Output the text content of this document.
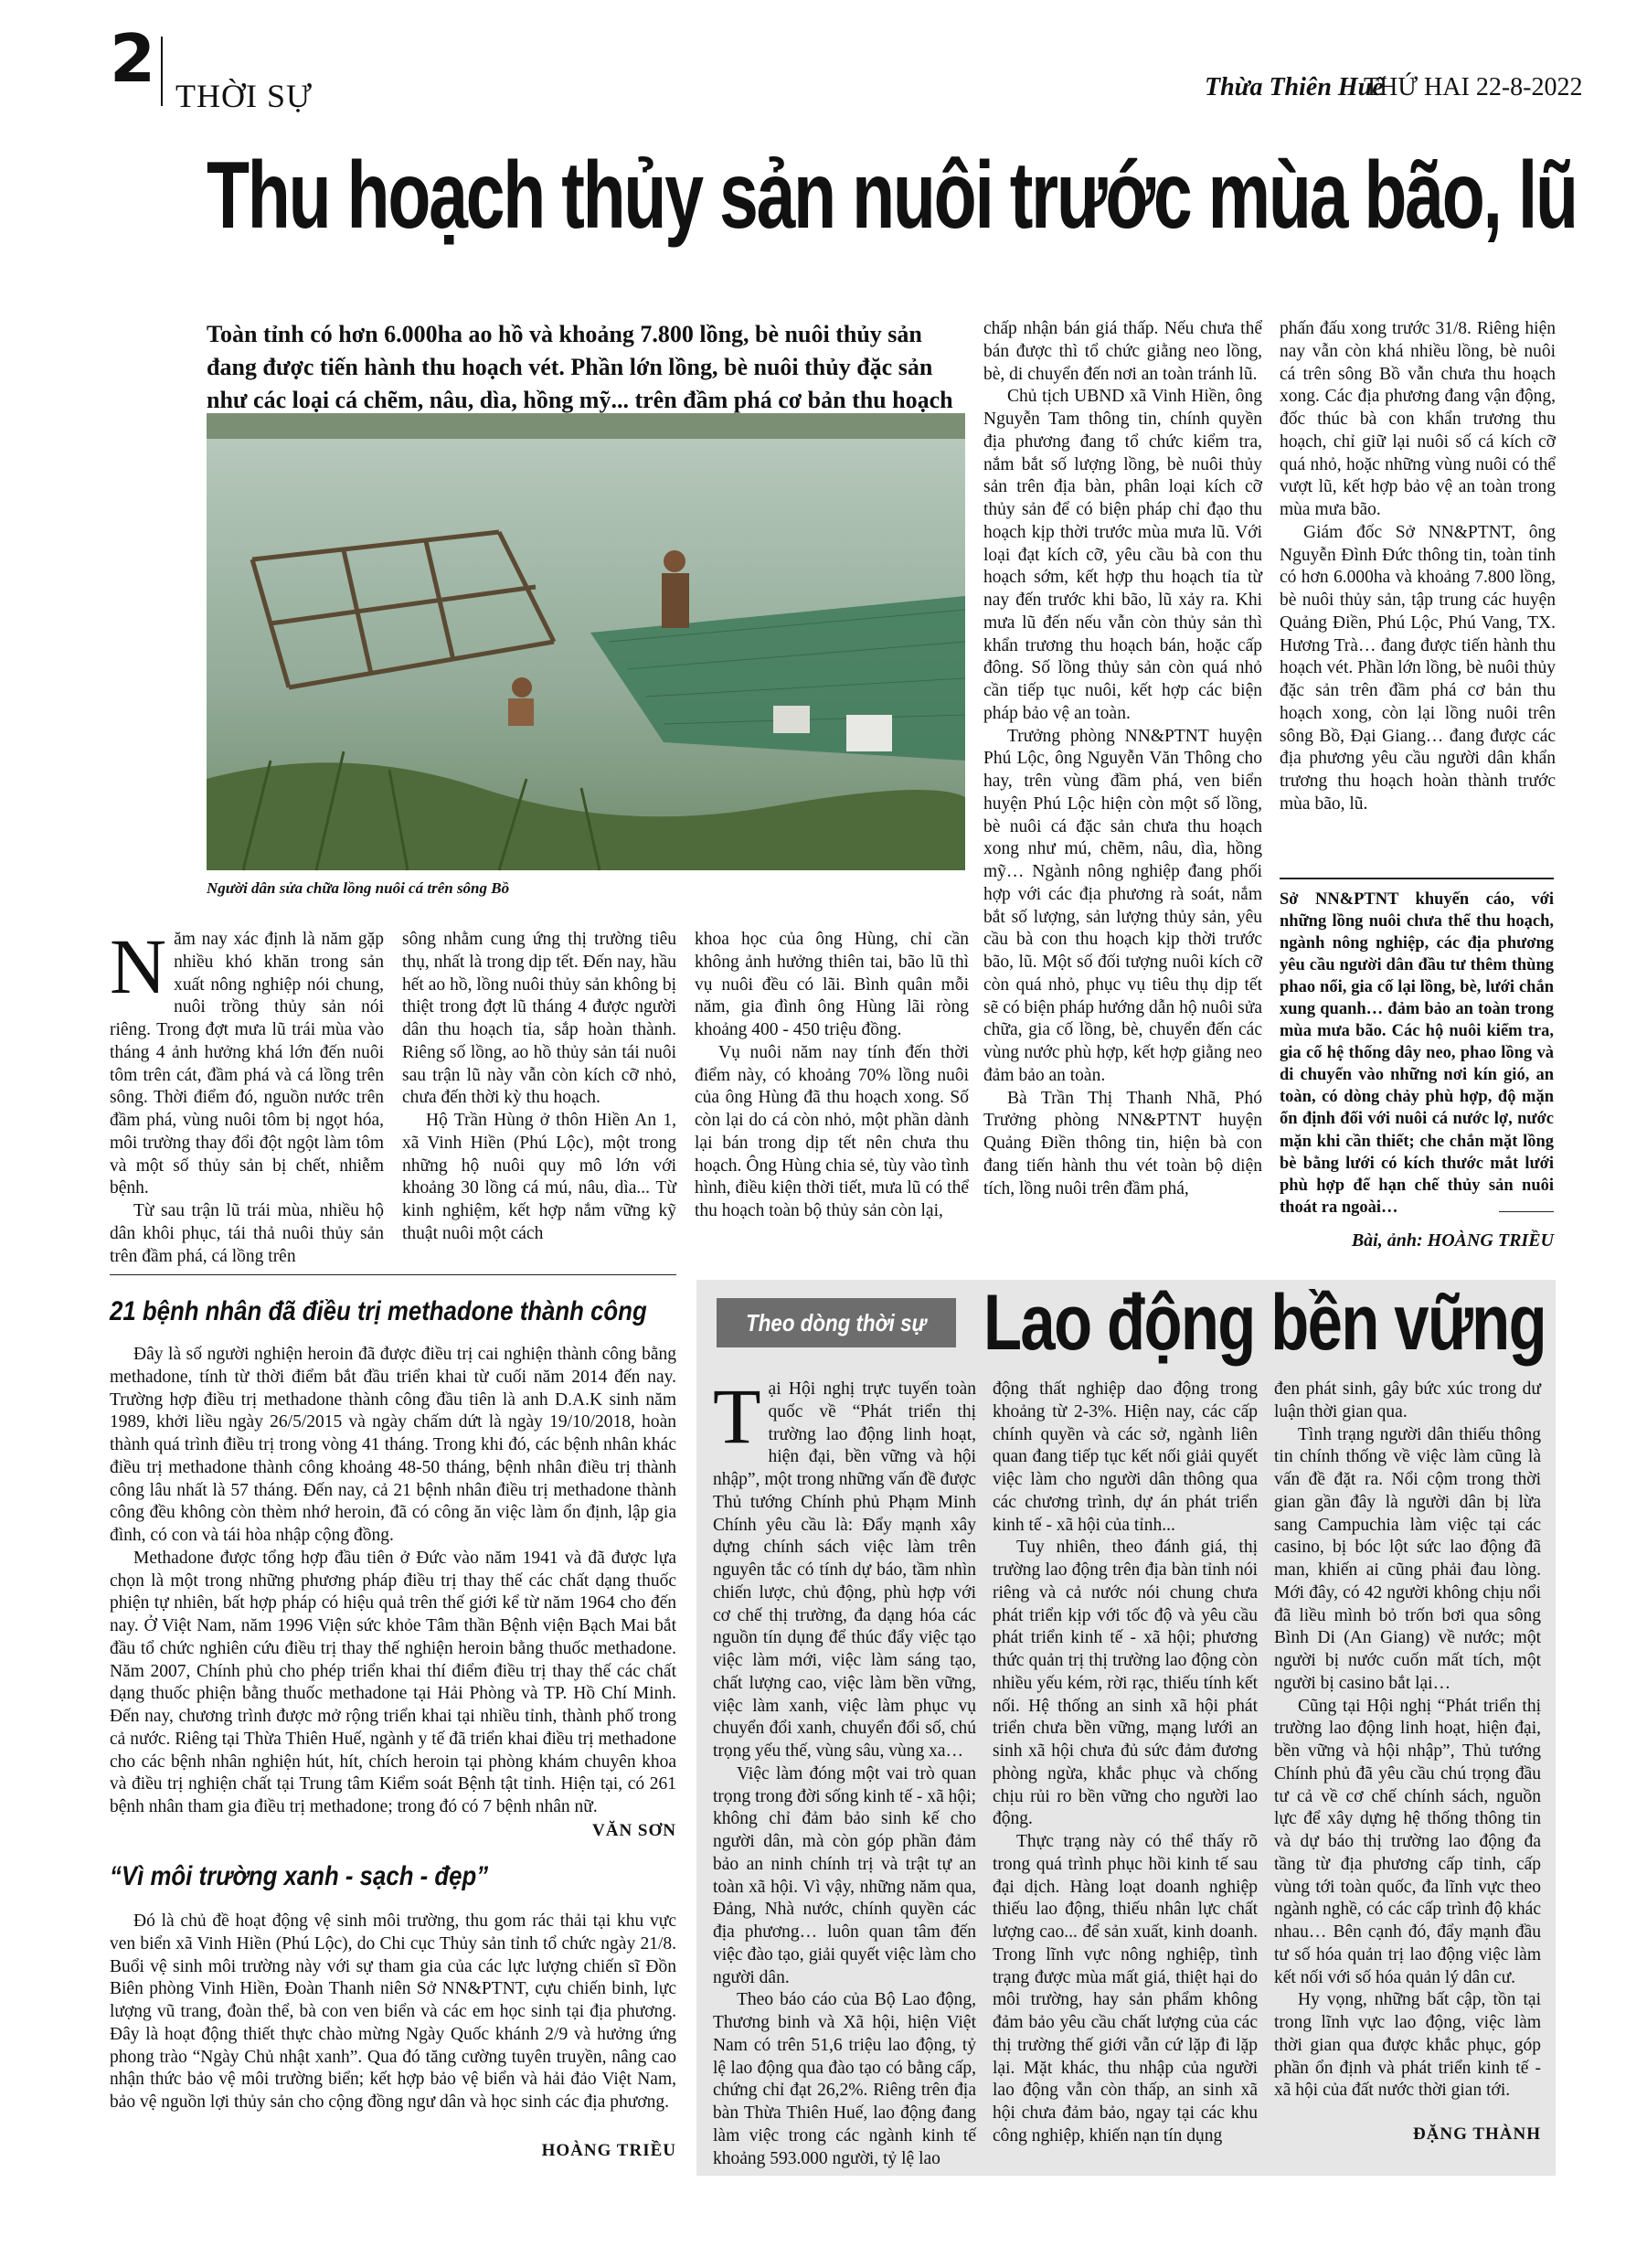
2 THỜI SỰ	Thừa Thiên Huế
THỨ HAI 22-8-2022
Thu hoạch thủy sản nuôi trước mùa bão, lũ
Toàn tỉnh có hơn 6.000ha ao hồ và khoảng 7.800 lồng, bè nuôi thủy sản đang được tiến hành thu hoạch vét. Phần lớn lồng, bè nuôi thủy đặc sản như các loại cá chẽm, nâu, dìa, hồng mỹ... trên đầm phá cơ bản thu hoạch
Người dân sửa chữa lồng nuôi cá trên sông Bồ
N ăm nay xác định là năm gặp nhiều khó khăn trong sản xuất nông nghiệp nói chung, nuôi trồng thủy sản nói riêng. Trong đợt mưa lũ trái mùa vào tháng 4 ảnh hưởng khá lớn đến nuôi tôm trên cát, đầm phá và cá lồng trên sông. Thời điểm đó, nguồn nước trên đầm phá, vùng nuôi tôm bị ngọt hóa, môi trường thay đổi đột ngột làm tôm và một số thủy sản bị chết, nhiễm bệnh.

Từ sau trận lũ trái mùa, nhiều hộ dân khôi phục, tái thả nuôi thủy sản trên đầm phá, cá lồng trên

sông nhằm cung ứng thị trường tiêu thụ, nhất là trong dịp tết. Đến nay, hầu hết ao hồ, lồng nuôi thủy sản không bị thiệt trong đợt lũ tháng 4 được người dân thu hoạch tỉa, sắp hoàn thành. Riêng số lồng, ao hồ thủy sản tái nuôi sau trận lũ này vẫn còn kích cỡ nhỏ, chưa đến thời kỳ thu hoạch.

Hộ Trần Hùng ở thôn Hiền An 1, xã Vinh Hiền (Phú Lộc), một trong những hộ nuôi quy mô lớn với khoảng 30 lồng cá mú, nâu, dìa... Từ kinh nghiệm, kết hợp nắm vững kỹ thuật nuôi một cách

khoa học của ông Hùng, chỉ cần không ảnh hưởng thiên tai, bão lũ thì vụ nuôi đều có lãi. Bình quân mỗi năm, gia đình ông Hùng lãi ròng khoảng 400 - 450 triệu đồng.

Vụ nuôi năm nay tính đến thời điểm này, có khoảng 70% lồng nuôi của ông Hùng đã thu hoạch xong. Số còn lại do cá còn nhỏ, một phần dành lại bán trong dịp tết nên chưa thu hoạch. Ông Hùng chia sẻ, tùy vào tình hình, điều kiện thời tiết, mưa lũ có thể thu hoạch toàn bộ thủy sản còn lại,

chấp nhận bán giá thấp. Nếu chưa thể bán được thì tổ chức giằng neo lồng, bè, di chuyển đến nơi an toàn tránh lũ.

Chủ tịch UBND xã Vinh Hiền, ông Nguyễn Tam thông tin, chính quyền địa phương đang tổ chức kiểm tra, nắm bắt số lượng lồng, bè nuôi thủy sản trên địa bàn, phân loại kích cỡ thủy sản để có biện pháp chỉ đạo thu hoạch kịp thời trước mùa mưa lũ. Với loại đạt kích cỡ, yêu cầu bà con thu hoạch sớm, kết hợp thu hoạch tỉa từ nay đến trước khi bão, lũ xảy ra. Khi mưa lũ đến nếu vẫn còn thủy sản thì khẩn trương thu hoạch bán, hoặc cấp đông. Số lồng thủy sản còn quá nhỏ cần tiếp tục nuôi, kết hợp các biện pháp bảo vệ an toàn.

Trưởng phòng NN&PTNT huyện Phú Lộc, ông Nguyễn Văn Thông cho hay, trên vùng đầm phá, ven biển huyện Phú Lộc hiện còn một số lồng, bè nuôi cá đặc sản chưa thu hoạch xong như mú, chẽm, nâu, dìa, hồng mỹ… Ngành nông nghiệp đang phối hợp với các địa phương rà soát, nắm bắt số lượng, sản lượng thủy sản, yêu cầu bà con thu hoạch kịp thời trước bão, lũ. Một số đối tượng nuôi kích cỡ còn quá nhỏ, phục vụ tiêu thụ dịp tết sẽ có biện pháp hướng dẫn hộ nuôi sửa chữa, gia cố lồng, bè, chuyển đến các vùng nước phù hợp, kết hợp giằng neo đảm bảo an toàn.

Bà Trần Thị Thanh Nhã, Phó Trưởng phòng NN&PTNT huyện Quảng Điền thông tin, hiện bà con đang tiến hành thu vét toàn bộ diện tích, lồng nuôi trên đầm phá,

phấn đấu xong trước 31/8. Riêng hiện nay vẫn còn khá nhiều lồng, bè nuôi cá trên sông Bồ vẫn chưa thu hoạch xong. Các địa phương đang vận động, đốc thúc bà con khẩn trương thu hoạch, chỉ giữ lại nuôi số cá kích cỡ quá nhỏ, hoặc những vùng nuôi có thể vượt lũ, kết hợp bảo vệ an toàn trong mùa mưa bão.

Giám đốc Sở NN&PTNT, ông Nguyễn Đình Đức thông tin, toàn tỉnh có hơn 6.000ha và khoảng 7.800 lồng, bè nuôi thủy sản, tập trung các huyện Quảng Điền, Phú Lộc, Phú Vang, TX. Hương Trà… đang được tiến hành thu hoạch vét. Phần lớn lồng, bè nuôi thủy đặc sản trên đầm phá cơ bản thu hoạch xong, còn lại lồng nuôi trên sông Bồ, Đại Giang… đang được các địa phương yêu cầu người dân khẩn trương thu hoạch hoàn thành trước mùa bão, lũ.

Sở NN&PTNT khuyến cáo, với những lồng nuôi chưa thể thu hoạch, ngành nông nghiệp, các địa phương yêu cầu người dân đầu tư thêm thùng phao nổi, gia cố lại lồng, bè, lưới chắn xung quanh… đảm bảo an toàn trong mùa mưa bão. Các hộ nuôi kiểm tra, gia cố hệ thống dây neo, phao lồng và di chuyển vào những nơi kín gió, an toàn, có dòng chảy phù hợp, độ mặn ổn định đối với nuôi cá nước lợ, nước mặn khi cần thiết; che chắn mặt lồng bè bằng lưới có kích thước mắt lưới phù hợp để hạn chế thủy sản nuôi thoát ra ngoài…
Bài, ảnh: HOÀNG TRIỀU
21 bệnh nhân đã điều trị methadone thành công

Đây là số người nghiện heroin đã được điều trị cai nghiện thành công bằng methadone, tính từ thời điểm bắt đầu triển khai từ cuối năm 2014 đến nay. Trường hợp điều trị methadone thành công đầu tiên là anh D.A.K sinh năm 1989, khởi liều ngày 26/5/2015 và ngày chấm dứt là ngày 19/10/2018, hoàn thành quá trình điều trị trong vòng 41 tháng. Trong khi đó, các bệnh nhân khác điều trị methadone thành công khoảng 48-50 tháng, bệnh nhân điều trị thành công lâu nhất là 57 tháng. Đến nay, cả 21 bệnh nhân điều trị methadone thành công đều không còn thèm nhớ heroin, đã có công ăn việc làm ổn định, lập gia đình, có con và tái hòa nhập cộng đồng.

Methadone được tổng hợp đầu tiên ở Đức vào năm 1941 và đã được lựa chọn là một trong những phương pháp điều trị thay thế các chất dạng thuốc phiện tự nhiên, bất hợp pháp có hiệu quả trên thế giới kể từ năm 1964 cho đến nay. Ở Việt Nam, năm 1996 Viện sức khỏe Tâm thần Bệnh viện Bạch Mai bắt đầu tổ chức nghiên cứu điều trị thay thế nghiện heroin bằng thuốc methadone. Năm 2007, Chính phủ cho phép triển khai thí điểm điều trị thay thế các chất dạng thuốc phiện bằng thuốc methadone tại Hải Phòng và TP. Hồ Chí Minh. Đến nay, chương trình được mở rộng triển khai tại nhiều tỉnh, thành phố trong cả nước. Riêng tại Thừa Thiên Huế, ngành y tế đã triển khai điều trị methadone cho các bệnh nhân nghiện hút, hít, chích heroin tại phòng khám chuyên khoa và điều trị nghiện chất tại Trung tâm Kiểm soát Bệnh tật tỉnh. Hiện tại, có 261 bệnh nhân tham gia điều trị methadone; trong đó có 7 bệnh nhân nữ.

VĂN SƠN
“Vì môi trường xanh - sạch - đẹp”

Đó là chủ đề hoạt động vệ sinh môi trường, thu gom rác thải tại khu vực ven biển xã Vinh Hiền (Phú Lộc), do Chi cục Thủy sản tỉnh tổ chức ngày 21/8. Buổi vệ sinh môi trường này với sự tham gia của các lực lượng chiến sĩ Đồn Biên phòng Vinh Hiền, Đoàn Thanh niên Sở NN&PTNT, cựu chiến binh, lực lượng vũ trang, đoàn thể, bà con ven biển và các em học sinh tại địa phương. Đây là hoạt động thiết thực chào mừng Ngày Quốc khánh 2/9 và hưởng ứng phong trào “Ngày Chủ nhật xanh”. Qua đó tăng cường tuyên truyền, nâng cao nhận thức bảo vệ môi trường biển; kết hợp bảo vệ biển và hải đảo Việt Nam, bảo vệ nguồn lợi thủy sản cho cộng đồng ngư dân và học sinh các địa phương.

HOÀNG TRIỀU
Theo dòng thời sự Lao động bền vững
T ại Hội nghị trực tuyến toàn quốc về “Phát triển thị trường lao động linh hoạt, hiện đại, bền vững và hội nhập”, một trong những vấn đề được Thủ tướng Chính phủ Phạm Minh Chính yêu cầu là: Đẩy mạnh xây dựng chính sách việc làm trên nguyên tắc có tính dự báo, tầm nhìn chiến lược, chủ động, phù hợp với cơ chế thị trường, đa dạng hóa các nguồn tín dụng để thúc đẩy việc tạo việc làm mới, việc làm sáng tạo, chất lượng cao, việc làm bền vững, việc làm xanh, việc làm phục vụ chuyển đổi xanh, chuyển đổi số, chú trọng yếu thế, vùng sâu, vùng xa…

Việc làm đóng một vai trò quan trọng trong đời sống kinh tế - xã hội; không chỉ đảm bảo sinh kế cho người dân, mà còn góp phần đảm bảo an ninh chính trị và trật tự an toàn xã hội. Vì vậy, những năm qua, Đảng, Nhà nước, chính quyền các địa phương… luôn quan tâm đến việc đào tạo, giải quyết việc làm cho người dân.

Theo báo cáo của Bộ Lao động, Thương binh và Xã hội, hiện Việt Nam có trên 51,6 triệu lao động, tỷ lệ lao động qua đào tạo có bằng cấp, chứng chỉ đạt 26,2%. Riêng trên địa bàn Thừa Thiên Huế, lao động đang làm việc trong các ngành kinh tế khoảng 593.000 người, tỷ lệ lao

động thất nghiệp dao động trong khoảng từ 2-3%. Hiện nay, các cấp chính quyền và các sở, ngành liên quan đang tiếp tục kết nối giải quyết việc làm cho người dân thông qua các chương trình, dự án phát triển kinh tế - xã hội của tỉnh...

Tuy nhiên, theo đánh giá, thị trường lao động trên địa bàn tỉnh nói riêng và cả nước nói chung chưa phát triển kịp với tốc độ và yêu cầu phát triển kinh tế - xã hội; phương thức quản trị thị trường lao động còn nhiều yếu kém, rời rạc, thiếu tính kết nối. Hệ thống an sinh xã hội phát triển chưa bền vững, mạng lưới an sinh xã hội chưa đủ sức đảm đương phòng ngừa, khắc phục và chống chịu rủi ro bền vững cho người lao động.

Thực trạng này có thể thấy rõ trong quá trình phục hồi kinh tế sau đại dịch. Hàng loạt doanh nghiệp thiếu lao động, thiếu nhân lực chất lượng cao... để sản xuất, kinh doanh. Trong lĩnh vực nông nghiệp, tình trạng được mùa mất giá, thiệt hại do môi trường, hay sản phẩm không đảm bảo yêu cầu chất lượng của các thị trường thế giới vẫn cứ lặp đi lặp lại. Mặt khác, thu nhập của người lao động vẫn còn thấp, an sinh xã hội chưa đảm bảo, ngay tại các khu công nghiệp, khiến nạn tín dụng

đen phát sinh, gây bức xúc trong dư luận thời gian qua.

Tình trạng người dân thiếu thông tin chính thống về việc làm cũng là vấn đề đặt ra. Nổi cộm trong thời gian gần đây là người dân bị lừa sang Campuchia làm việc tại các casino, bị bóc lột sức lao động đã man, khiến ai cũng phải đau lòng. Mới đây, có 42 người không chịu nổi đã liều mình bỏ trốn bơi qua sông Bình Di (An Giang) về nước; một người bị nước cuốn mất tích, một người bị casino bắt lại…

Cũng tại Hội nghị “Phát triển thị trường lao động linh hoạt, hiện đại, bền vững và hội nhập”, Thủ tướng Chính phủ đã yêu cầu chú trọng đầu tư cả về cơ chế chính sách, nguồn lực để xây dựng hệ thống thông tin và dự báo thị trường lao động đa tầng từ địa phương cấp tỉnh, cấp vùng tới toàn quốc, đa lĩnh vực theo ngành nghề, có các cấp trình độ khác nhau… Bên cạnh đó, đẩy mạnh đầu tư số hóa quản trị lao động việc làm kết nối với số hóa quản lý dân cư.

Hy vọng, những bất cập, tồn tại trong lĩnh vực lao động, việc làm thời gian qua được khắc phục, góp phần ổn định và phát triển kinh tế - xã hội của đất nước thời gian tới.

ĐẶNG THÀNH
